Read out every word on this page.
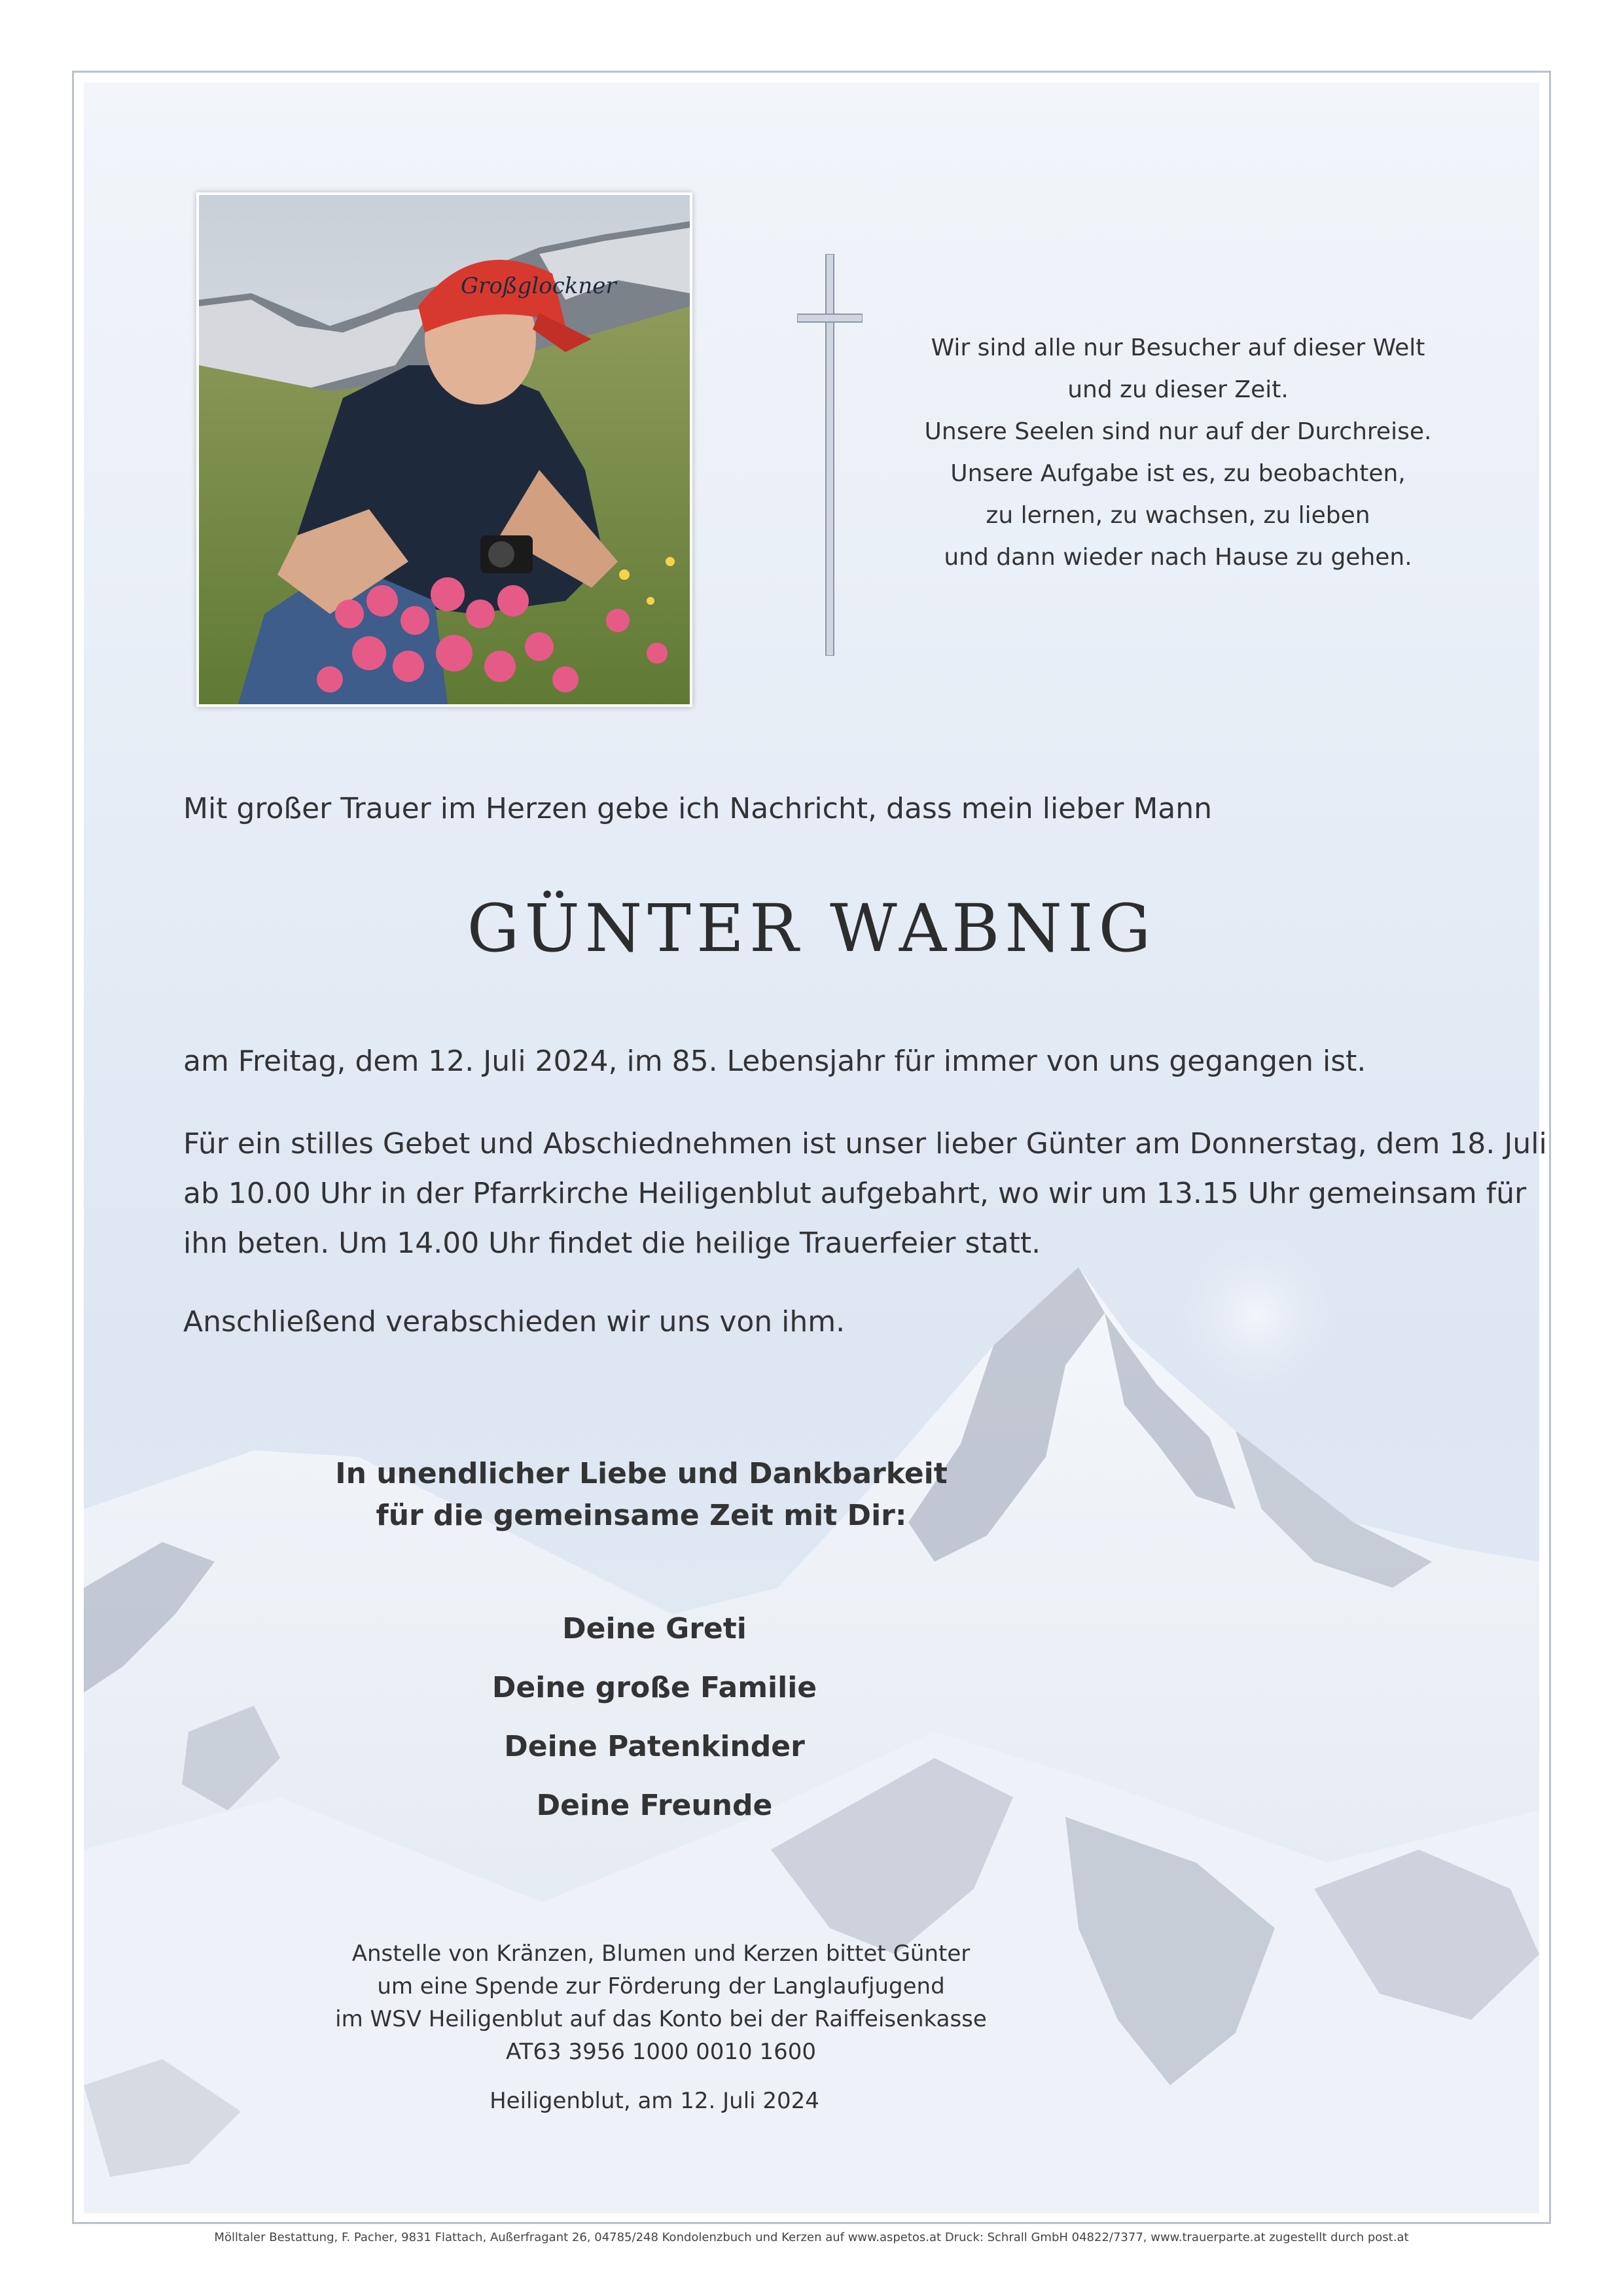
Großglockner
Wir sind alle nur Besucher auf dieser Welt
und zu dieser Zeit.
Unsere Seelen sind nur auf der Durchreise.
Unsere Aufgabe ist es, zu beobachten,
zu lernen, zu wachsen, zu lieben
und dann wieder nach Hause zu gehen.
Mit großer Trauer im Herzen gebe ich Nachricht, dass mein lieber Mann
GÜNTER WABNIG
am Freitag, dem 12. Juli 2024, im 85. Lebensjahr für immer von uns gegangen ist.
Für ein stilles Gebet und Abschiednehmen ist unser lieber Günter am Donnerstag, dem 18. Juli
ab 10.00 Uhr in der Pfarrkirche Heiligenblut aufgebahrt, wo wir um 13.15 Uhr gemeinsam für
ihn beten. Um 14.00 Uhr findet die heilige Trauerfeier statt.
Anschließend verabschieden wir uns von ihm.
In unendlicher Liebe und Dankbarkeit
für die gemeinsame Zeit mit Dir:
Deine Greti
Deine große Familie
Deine Patenkinder
Deine Freunde
Anstelle von Kränzen, Blumen und Kerzen bittet Günter
um eine Spende zur Förderung der Langlaufjugend
im WSV Heiligenblut auf das Konto bei der Raiffeisenkasse
AT63 3956 1000 0010 1600
Heiligenblut, am 12. Juli 2024
Mölltaler Bestattung, F. Pacher, 9831 Flattach, Außerfragant 26, 04785/248 Kondolenzbuch und Kerzen auf www.aspetos.at Druck: Schrall GmbH 04822/7377, www.trauerparte.at zugestellt durch post.at
